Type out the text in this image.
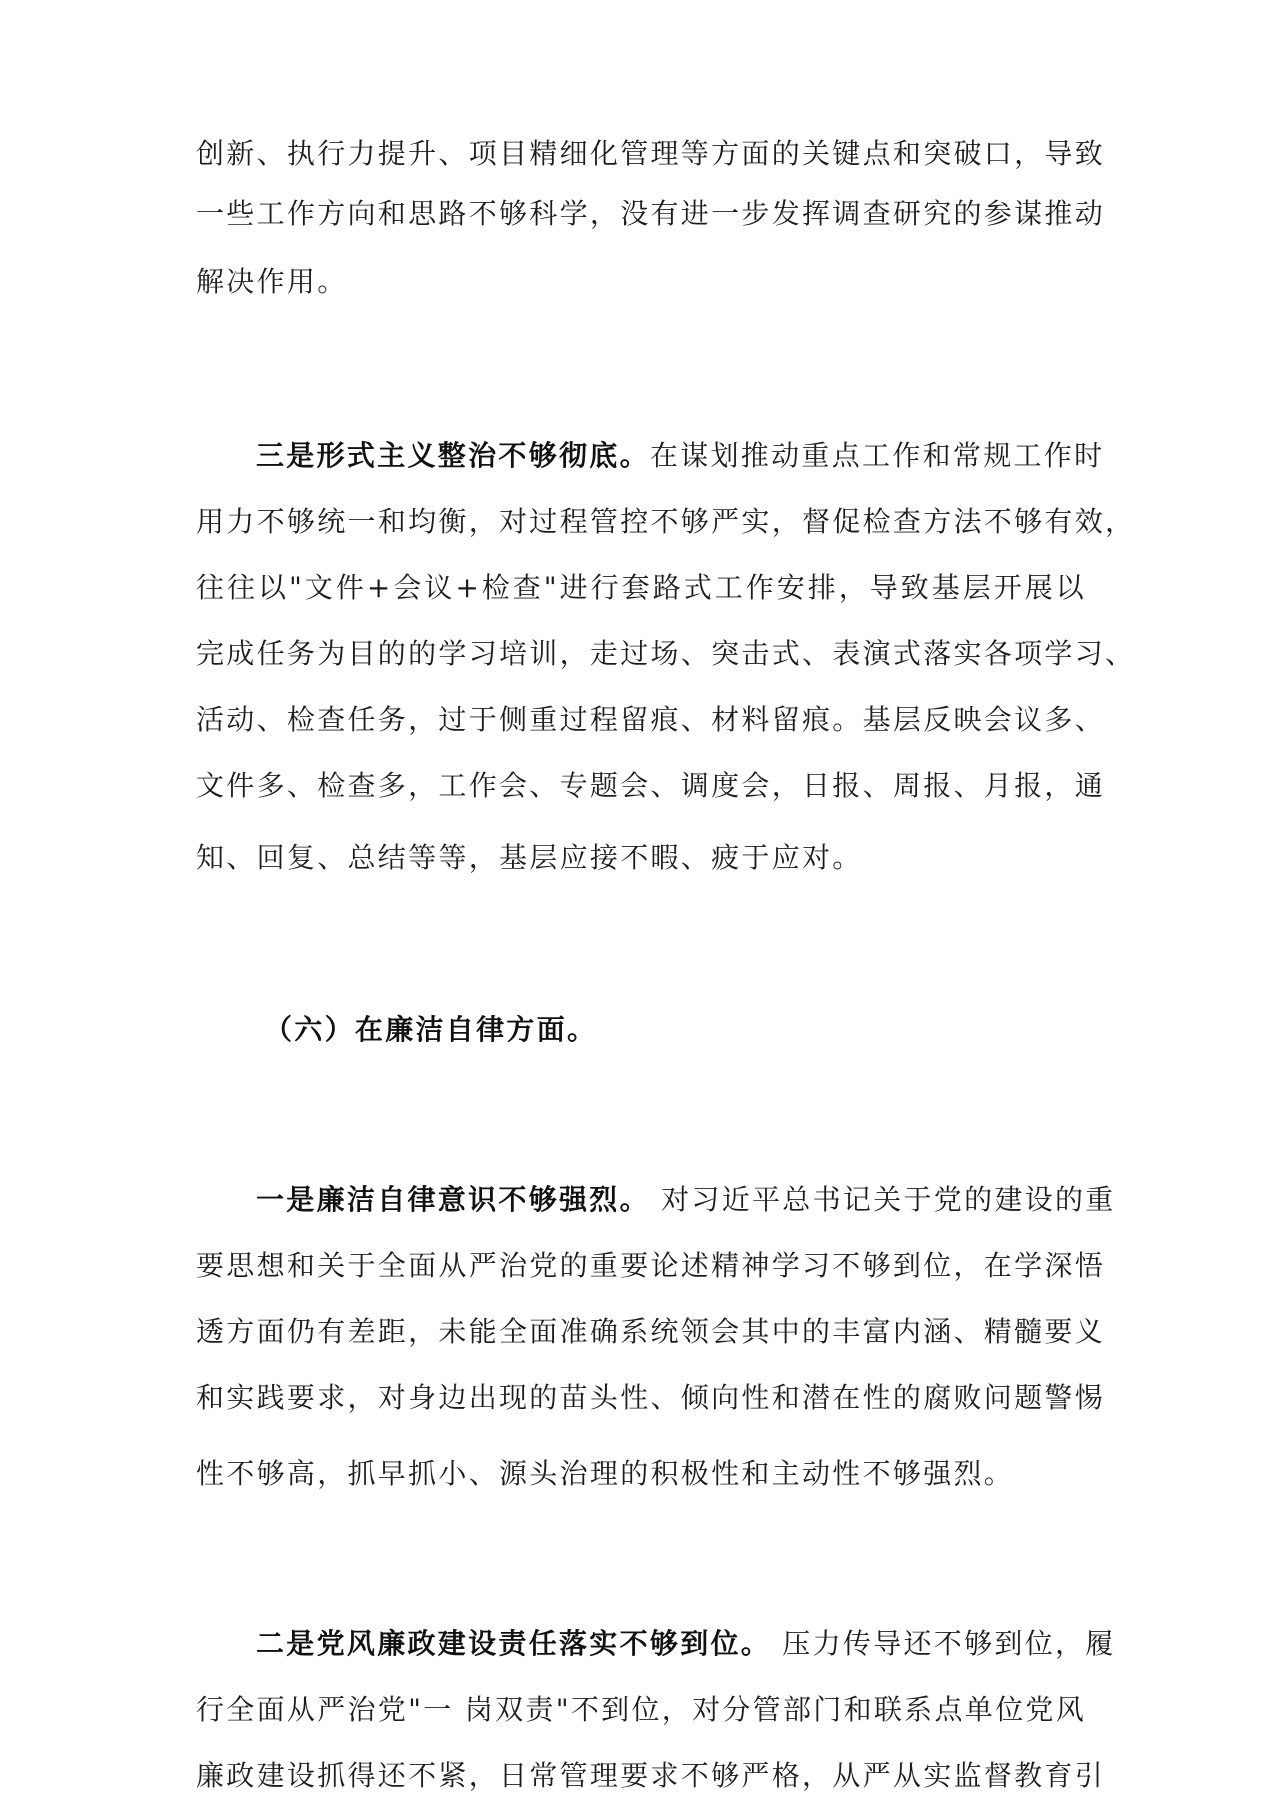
创新、执行力提升、项目精细化管理等方面的关键点和突破口，导致
一些工作方向和思路不够科学，没有进一步发挥调查研究的参谋推动
解决作用。
三是形式主义整治不够彻底。在谋划推动重点工作和常规工作时
用力不够统一和均衡，对过程管控不够严实，督促检查方法不够有效，
往往以"文件+会议+检查"进行套路式工作安排，导致基层开展以
完成任务为目的的学习培训，走过场、突击式、表演式落实各项学习、
活动、检查任务，过于侧重过程留痕、材料留痕。基层反映会议多、
文件多、检查多，工作会、专题会、调度会，日报、周报、月报，通
知、回复、总结等等，基层应接不暇、疲于应对。
（六）在廉洁自律方面。
一是廉洁自律意识不够强烈。 对习近平总书记关于党的建设的重
要思想和关于全面从严治党的重要论述精神学习不够到位，在学深悟
透方面仍有差距，未能全面准确系统领会其中的丰富内涵、精髓要义
和实践要求，对身边出现的苗头性、倾向性和潜在性的腐败问题警惕
性不够高，抓早抓小、源头治理的积极性和主动性不够强烈。
二是党风廉政建设责任落实不够到位。 压力传导还不够到位，履
行全面从严治党"一 岗双责"不到位，对分管部门和联系点单位党风
廉政建设抓得还不紧，日常管理要求不够严格，从严从实监督教育引
